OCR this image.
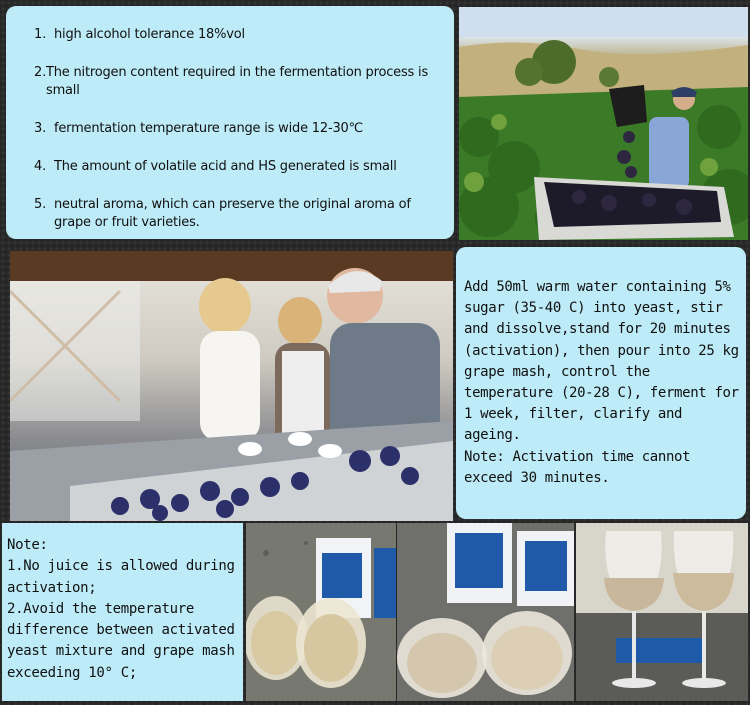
1. high alcohol tolerance 18%vol
2. The nitrogen content required in the fermentation process is small
3. fermentation temperature range is wide 12-30℃
4. The amount of volatile acid and HS generated is small
5. neutral aroma, which can preserve the original aroma of grape or fruit varieties.

Add 50ml warm water containing 5% sugar (35-40 C) into yeast, stir and dissolve,stand for 20 minutes (activation), then pour into 25 kg grape mash, control the temperature (20-28 C), ferment for 1 week, filter, clarify and ageing.

Note: Activation time cannot exceed 30 minutes.

Note:

1.No juice is allowed during activation;

2.Avoid the temperature difference between activated yeast mixture and grape mash exceeding 10° C;
